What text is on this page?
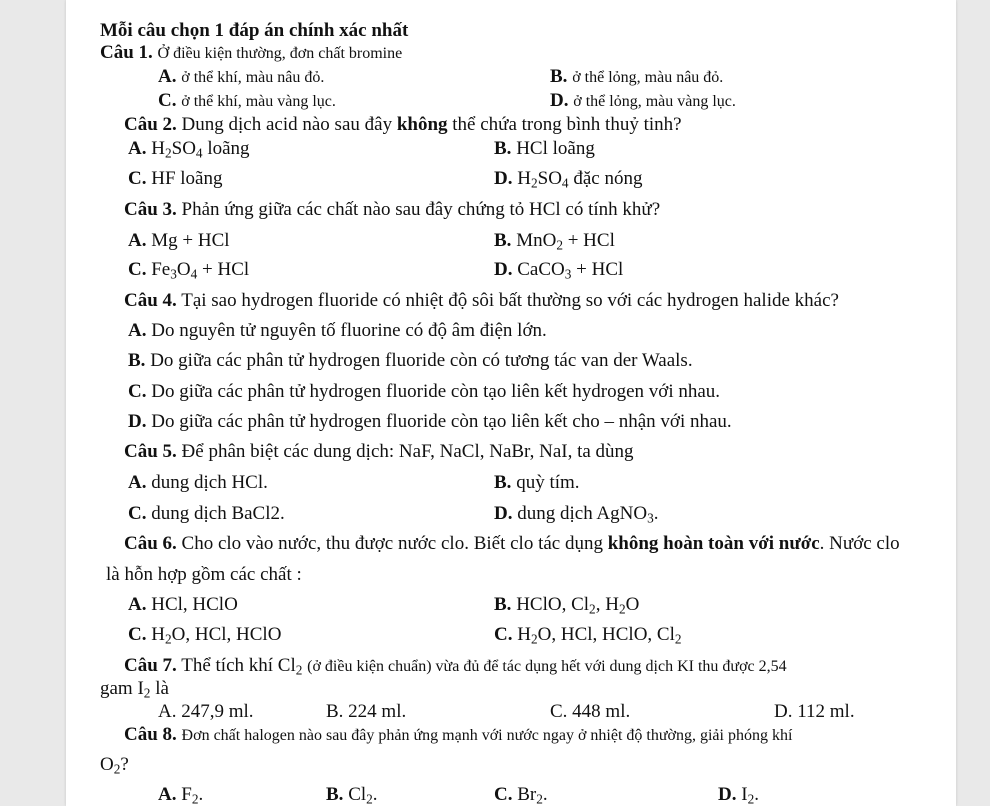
Mỗi câu chọn 1 đáp án chính xác nhất
Câu 1. Ở điều kiện thường, đơn chất bromine
A. ở thể khí, màu nâu đỏ.	B. ở thể lỏng, màu nâu đỏ.
C. ở thể khí, màu vàng lục.	D. ở thể lỏng, màu vàng lục.
Câu 2. Dung dịch acid nào sau đây không thể chứa trong bình thuỷ tinh?
A. $H_2SO_4$ loãng	B. HCl loãng
C. HF loãng	D. $H_2SO_4$ đặc nóng
Câu 3. Phản ứng giữa các chất nào sau đây chứng tỏ HCl có tính khử?
A. Mg + HCl	B. MnO$_2$ + HCl
C. $Fe_3O_4$ + HCl	D. CaCO$_3$ + HCl
Câu 4. Tại sao hydrogen fluoride có nhiệt độ sôi bất thường so với các hydrogen halide khác?
A. Do nguyên tử nguyên tố fluorine có độ âm điện lớn.
B. Do giữa các phân tử hydrogen fluoride còn có tương tác van der Waals.
C. Do giữa các phân tử hydrogen fluoride còn tạo liên kết hydrogen với nhau.
D. Do giữa các phân tử hydrogen fluoride còn tạo liên kết cho – nhận với nhau.
Câu 5. Để phân biệt các dung dịch: NaF, NaCl, NaBr, NaI, ta dùng
A. dung dịch HCl.	B. quỳ tím.
C. dung dịch BaCl2.	D. dung dịch AgNO$_3$.
Câu 6. Cho clo vào nước, thu được nước clo. Biết clo tác dụng không hoàn toàn với nước. Nước clo
là hỗn hợp gồm các chất :
A. HCl, HClO	B. HClO, $Cl_2$, $H_2O$
C. $H_2O$, HCl, HClO	C. $H_2O$, HCl, HClO, $Cl_2$
Câu 7. Thể tích khí $Cl_2$ (ở điều kiện chuẩn) vừa đủ để tác dụng hết với dung dịch KI thu được 2,54
gam $I_2$ là
A. 247,9 ml.	B. 224 ml.	C. 448 ml.	D. 112 ml.
Câu 8. Đơn chất halogen nào sau đây phản ứng mạnh với nước ngay ở nhiệt độ thường, giải phóng khí
$O_2$?
A. $F_2$.	B. $Cl_2$.	C. $Br_2$.	D. $I_2$.
